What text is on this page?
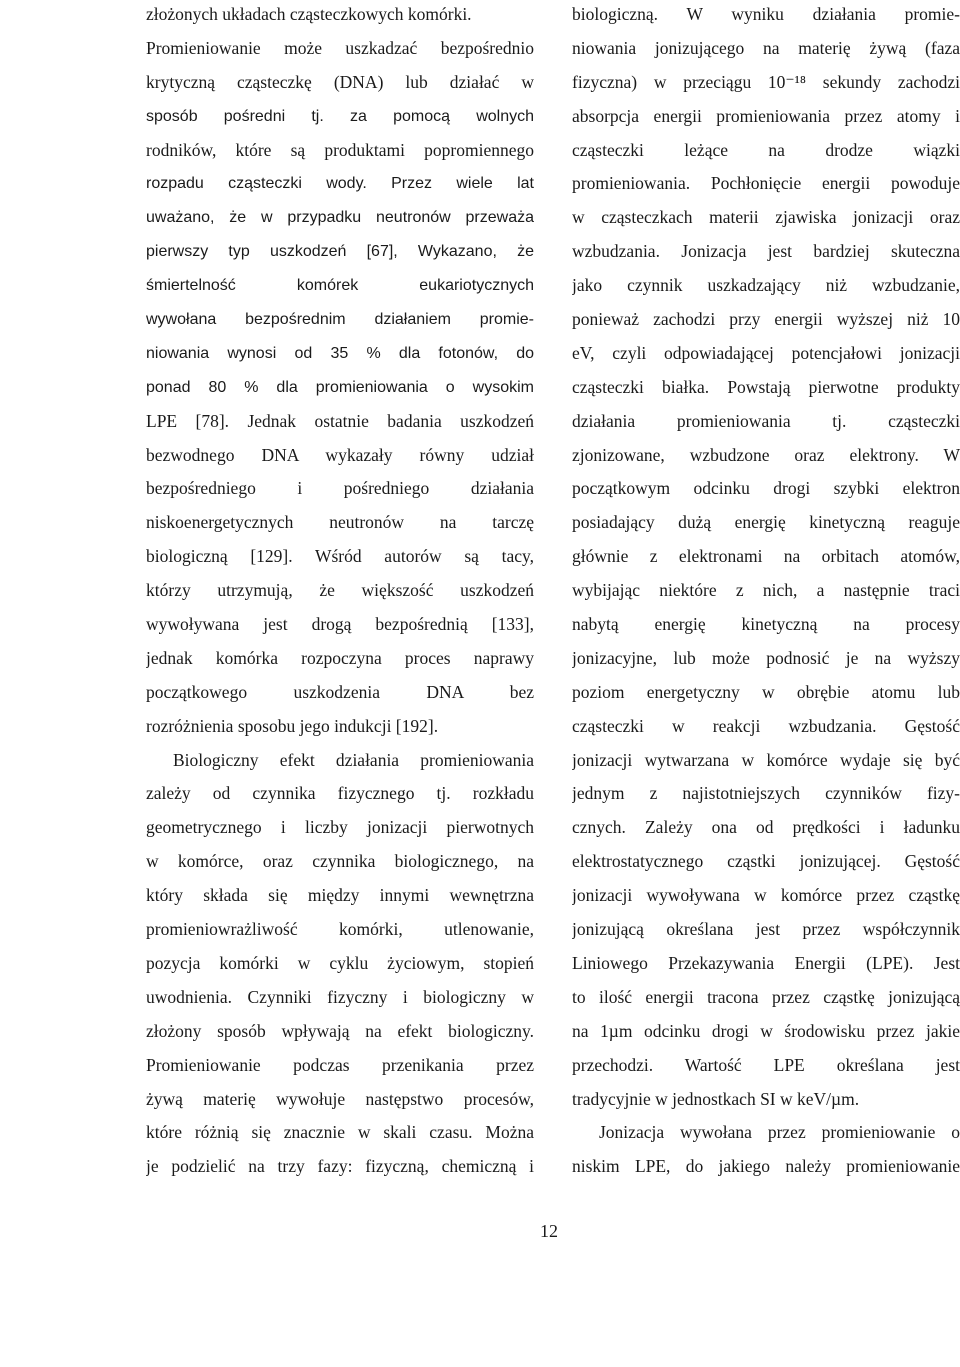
złożonych układach cząsteczkowych komórki.
Promieniowanie może uszkadzać bezpośrednio
krytyczną cząsteczkę (DNA) lub działać w
sposób pośredni tj. za pomocą wolnych
rodników, które są produktami popromiennego
rozpadu cząsteczki wody. Przez wiele lat
uważano, że w przypadku neutronów przeważa
pierwszy typ uszkodzeń [67], Wykazano, że
śmiertelność komórek eukariotycznych
wywołana bezpośrednim działaniem promie-
niowania wynosi od 35 % dla fotonów, do
ponad 80 % dla promieniowania o wysokim
LPE [78]. Jednak ostatnie badania uszkodzeń
bezwodnego DNA wykazały równy udział
bezpośredniego i pośredniego działania
niskoenergetycznych neutronów na tarczę
biologiczną [129]. Wśród autorów są tacy,
którzy utrzymują, że większość uszkodzeń
wywoływana jest drogą bezpośrednią [133],
jednak komórka rozpoczyna proces naprawy
początkowego uszkodzenia DNA bez
rozróżnienia sposobu jego indukcji [192].
Biologiczny efekt działania promieniowania
zależy od czynnika fizycznego tj. rozkładu
geometrycznego i liczby jonizacji pierwotnych
w komórce, oraz czynnika biologicznego, na
który składa się między innymi wewnętrzna
promieniowrażliwość komórki, utlenowanie,
pozycja komórki w cyklu życiowym, stopień
uwodnienia. Czynniki fizyczny i biologiczny w
złożony sposób wpływają na efekt biologiczny.
Promieniowanie podczas przenikania przez
żywą materię wywołuje następstwo procesów,
które różnią się znacznie w skali czasu. Można
je podzielić na trzy fazy: fizyczną, chemiczną i
biologiczną. W wyniku działania promie-
niowania jonizującego na materię żywą (faza
fizyczna) w przeciągu 10⁻¹⁸ sekundy zachodzi
absorpcja energii promieniowania przez atomy i
cząsteczki leżące na drodze wiązki
promieniowania. Pochłonięcie energii powoduje
w cząsteczkach materii zjawiska jonizacji oraz
wzbudzania. Jonizacja jest bardziej skuteczna
jako czynnik uszkadzający niż wzbudzanie,
ponieważ zachodzi przy energii wyższej niż 10
eV, czyli odpowiadającej potencjałowi jonizacji
cząsteczki białka. Powstają pierwotne produkty
działania promieniowania tj. cząsteczki
zjonizowane, wzbudzone oraz elektrony. W
początkowym odcinku drogi szybki elektron
posiadający dużą energię kinetyczną reaguje
głównie z elektronami na orbitach atomów,
wybijając niektóre z nich, a następnie traci
nabytą energię kinetyczną na procesy
jonizacyjne, lub może podnosić je na wyższy
poziom energetyczny w obrębie atomu lub
cząsteczki w reakcji wzbudzania. Gęstość
jonizacji wytwarzana w komórce wydaje się być
jednym z najistotniejszych czynników fizy-
cznych. Zależy ona od prędkości i ładunku
elektrostatycznego cząstki jonizującej. Gęstość
jonizacji wywoływana w komórce przez cząstkę
jonizującą określana jest przez współczynnik
Liniowego Przekazywania Energii (LPE). Jest
to ilość energii tracona przez cząstkę jonizującą
na 1µm odcinku drogi w środowisku przez jakie
przechodzi. Wartość LPE określana jest
tradycyjnie w jednostkach SI w keV/µm.
Jonizacja wywołana przez promieniowanie o
niskim LPE, do jakiego należy promieniowanie
12
